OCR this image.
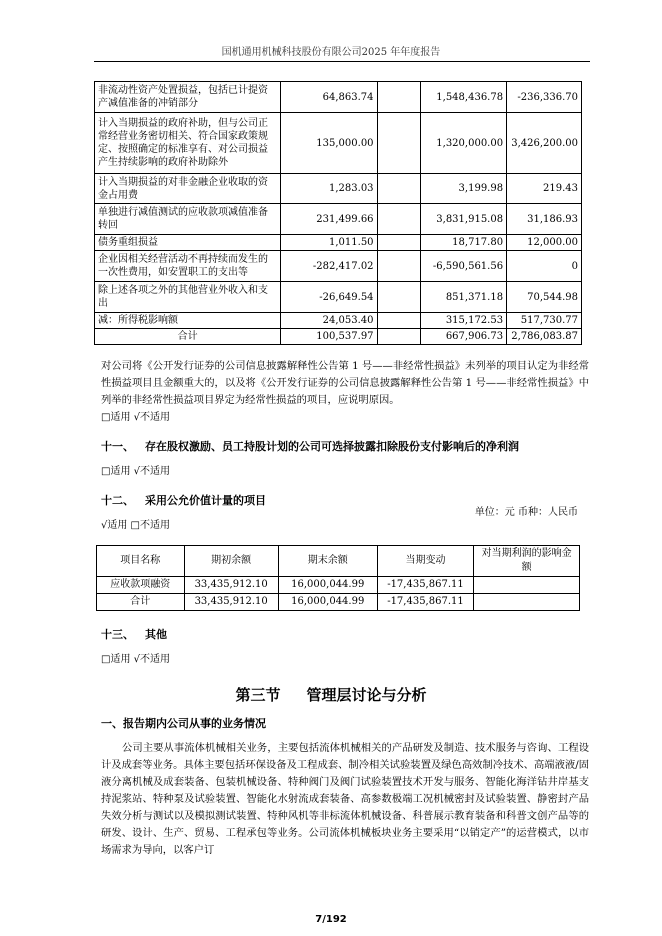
国机通用机械科技股份有限公司2025 年年度报告
非流动性资产处置损益，包括已计提资产减值准备的冲销部分	64,863.74		1,548,436.78	-236,336.70
计入当期损益的政府补助，但与公司正常经营业务密切相关、符合国家政策规定、按照确定的标准享有、对公司损益产生持续影响的政府补助除外	135,000.00		1,320,000.00	3,426,200.00
计入当期损益的对非金融企业收取的资金占用费	1,283.03		3,199.98	219.43
单独进行减值测试的应收款项减值准备转回	231,499.66		3,831,915.08	31,186.93
债务重组损益	1,011.50		18,717.80	12,000.00
企业因相关经营活动不再持续而发生的一次性费用，如安置职工的支出等	-282,417.02		-6,590,561.56	0
除上述各项之外的其他营业外收入和支出	-26,649.54		851,371.18	70,544.98
减：所得税影响额	24,053.40		315,172.53	517,730.77
合计	100,537.97		667,906.73	2,786,083.87
对公司将《公开发行证券的公司信息披露解释性公告第 1 号——非经常性损益》未列举的项目认定为非经常性损益项目且金额重大的，以及将《公开发行证券的公司信息披露解释性公告第 1 号——非经常性损益》中列举的非经常性损益项目界定为经常性损益的项目，应说明原因。
□适用 √不适用
十一、 存在股权激励、员工持股计划的公司可选择披露扣除股份支付影响后的净利润
□适用 √不适用
十二、 采用公允价值计量的项目
√适用 □不适用
单位：元 币种：人民币
项目名称	期初余额	期末余额	当期变动	对当期利润的影响金额
应收款项融资	33,435,912.10	16,000,044.99	-17,435,867.11	
合计	33,435,912.10	16,000,044.99	-17,435,867.11	
十三、 其他
□适用 √不适用
第三节 管理层讨论与分析
一、报告期内公司从事的业务情况
公司主要从事流体机械相关业务，主要包括流体机械相关的产品研发及制造、技术服务与咨询、工程设计及成套等业务。具体主要包括环保设备及工程成套、制冷相关试验装置及绿色高效制冷技术、高端液液/固液分离机械及成套装备、包装机械设备、特种阀门及阀门试验装置技术开发与服务、智能化海洋钻井岸基支持泥浆站、特种泵及试验装置、智能化水射流成套装备、高参数极端工况机械密封及试验装置、静密封产品失效分析与测试以及模拟测试装置、特种风机等非标流体机械设备、科普展示教育装备和科普文创产品等的研发、设计、生产、贸易、工程承包等业务。公司流体机械板块业务主要采用“以销定产”的运营模式，以市场需求为导向，以客户订
7/192
